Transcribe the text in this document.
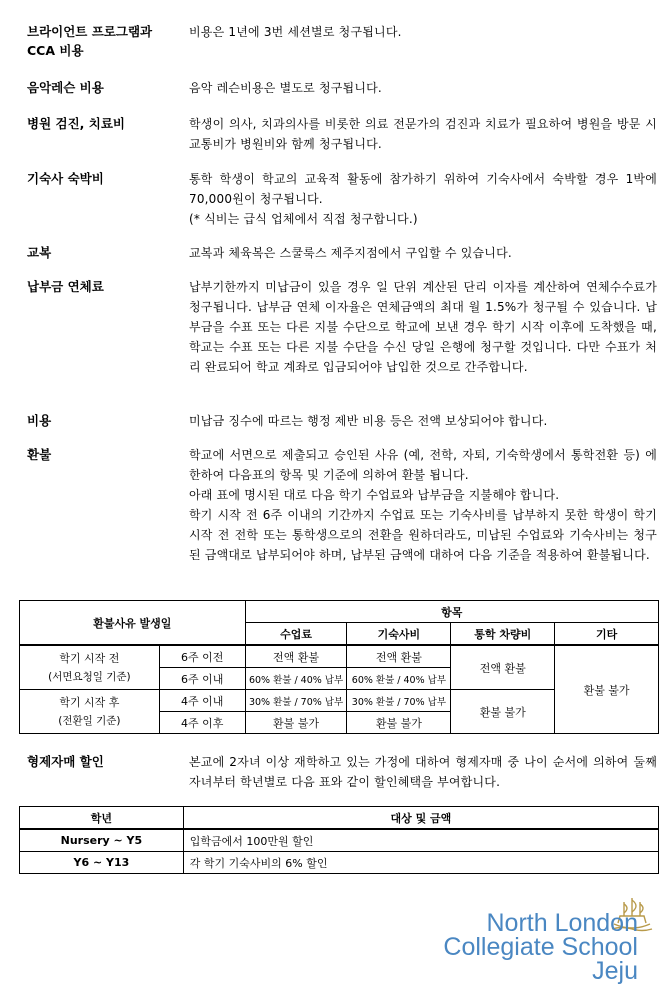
브라이언트 프로그램과 CCA 비용

비용은 1년에 3번 세션별로 청구됩니다.

음악레슨 비용	음악 레슨비용은 별도로 청구됩니다.

병원 검진, 치료비	학생이 의사, 치과의사를 비롯한 의료 전문가의 검진과 치료가 필요하여 병원을 방문 시 교통비가 병원비와 함께 청구됩니다.

기숙사 숙박비	통학 학생이 학교의 교육적 활동에 참가하기 위하여 기숙사에서 숙박할 경우 1박에 70,000원이 청구됩니다.

(* 식비는 급식 업체에서 직접 청구합니다.)

교복	교복과 체육복은 스쿨룩스 제주지점에서 구입할 수 있습니다.

납부금 연체료	납부기한까지 미납금이 있을 경우 일 단위 계산된 단리 이자를 계산하여 연체수수료가 청구됩니다. 납부금 연체 이자율은 연체금액의 최대 월 1.5%가 청구될 수 있습니다. 납부금을 수표 또는 다른 지불 수단으로 학교에 보낸 경우 학기 시작 이후에 도착했을 때, 학교는 수표 또는 다른 지불 수단을 수신 당일 은행에 청구할 것입니다. 다만 수표가 처리 완료되어 학교 계좌로 입금되어야 납입한 것으로 간주합니다.

비용	미납금 징수에 따르는 행정 제반 비용 등은 전액 보상되어야 합니다.

환불	학교에 서면으로 제출되고 승인된 사유 (예, 전학, 자퇴, 기숙학생에서 통학전환 등) 에 한하여 다음표의 항목 및 기준에 의하여 환불 됩니다.

아래 표에 명시된 대로 다음 학기 수업료와 납부금을 지불해야 합니다.

학기 시작 전 6주 이내의 기간까지 수업료 또는 기숙사비를 납부하지 못한 학생이 학기 시작 전 전학 또는 통학생으로의 전환을 원하더라도, 미납된 수업료와 기숙사비는 청구된 금액대로 납부되어야 하며, 납부된 금액에 대하여 다음 기준을 적용하여 환불됩니다.

환불사유 발생일		항목			
		수업료	기숙사비	통학 차량비	기타

학기 시작 전
(서면요청일 기준)	6주 이전	전액 환불	전액 환불	전액 환불	환불 불가
	6주 이내	60% 환불 / 40% 납부	60% 환불 / 40% 납부		

학기 시작 후
(전환일 기준)	4주 이내	30% 환불 / 70% 납부	30% 환불 / 70% 납부	환불 불가	
	4주 이후	환불 불가	환불 불가		
형제자매 할인	본교에 2자녀 이상 재학하고 있는 가정에 대하여 형제자매 중 나이 순서에 의하여 둘째 자녀부터 학년별로 다음 표와 같이 할인혜택을 부여합니다.

학년	대상 및 금액
Nursery ~ Y5	입학금에서 100만원 할인
Y6 ~ Y13	각 학기 기숙사비의 6% 할인
North London
Collegiate School
Jeju
